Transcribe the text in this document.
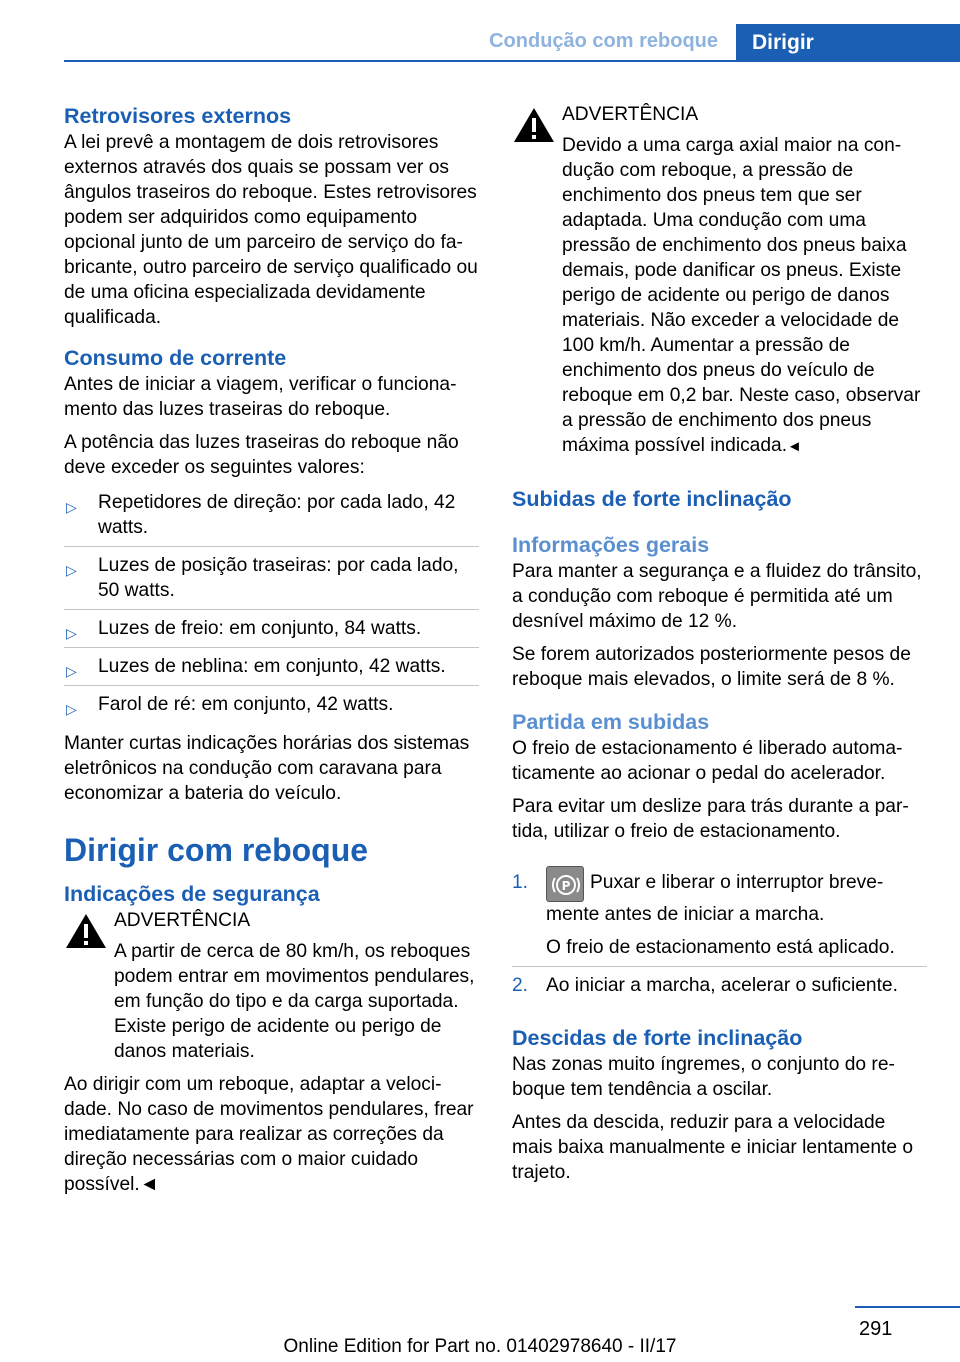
Condução com reboque	Dirigir
Retrovisores externos

A lei prevê a montagem de dois retrovisores externos através dos quais se possam ver os ângulos traseiros do reboque. Estes retrovisores podem ser adquiridos como equipamento opcional junto de um parceiro de serviço do fabricante, outro parceiro de serviço qualificado ou de uma oficina especializada devidamente qualificada.

Consumo de corrente

Antes de iniciar a viagem, verificar o funcionamento das luzes traseiras do reboque.

A potência das luzes traseiras do reboque não deve exceder os seguintes valores:

▷ Repetidores de direção: por cada lado, 42 watts.
▷ Luzes de posição traseiras: por cada lado, 50 watts.
▷ Luzes de freio: em conjunto, 84 watts.
▷ Luzes de neblina: em conjunto, 42 watts.
▷ Farol de ré: em conjunto, 42 watts.

Manter curtas indicações horárias dos sistemas eletrônicos na condução com caravana para economizar a bateria do veículo.

Dirigir com reboque
Indicações de segurança
ADVERTÊNCIA
A partir de cerca de 80 km/h, os reboques podem entrar em movimentos pendulares, em função do tipo e da carga suportada. Existe perigo de acidente ou perigo de danos materiais.

Ao dirigir com um reboque, adaptar a velocidade. No caso de movimentos pendulares, frear imediatamente para realizar as correções da direção necessárias com o maior cuidado possível.◄

ADVERTÊNCIA
Devido a uma carga axial maior na condução com reboque, a pressão de enchimento dos pneus tem que ser adaptada. Uma condução com uma pressão de enchimento dos pneus baixa demais, pode danificar os pneus. Existe perigo de acidente ou perigo de danos materiais. Não exceder a velocidade de 100 km/h. Aumentar a pressão de enchimento dos pneus do veículo de reboque em 0,2 bar. Neste caso, observar a pressão de enchimento dos pneus máxima possível indicada.◄
Subidas de forte inclinação
Informações gerais

Para manter a segurança e a fluidez do trânsito, a condução com reboque é permitida até um desnível máximo de 12 %.

Se forem autorizados posteriormente pesos de reboque mais elevados, o limite será de 8 %.

Partida em subidas

O freio de estacionamento é liberado automaticamente ao acionar o pedal do acelerador.

Para evitar um deslize para trás durante a partida, utilizar o freio de estacionamento.

1.	P Puxar e liberar o interruptor brevemente antes de iniciar a marcha.
O freio de estacionamento está aplicado.
2. Ao iniciar a marcha, acelerar o suficiente.
Descidas de forte inclinação

Nas zonas muito íngremes, o conjunto do reboque tem tendência a oscilar.

Antes da descida, reduzir para a velocidade mais baixa manualmente e iniciar lentamente o trajeto.

291
Online Edition for Part no. 01402978640 - II/17
